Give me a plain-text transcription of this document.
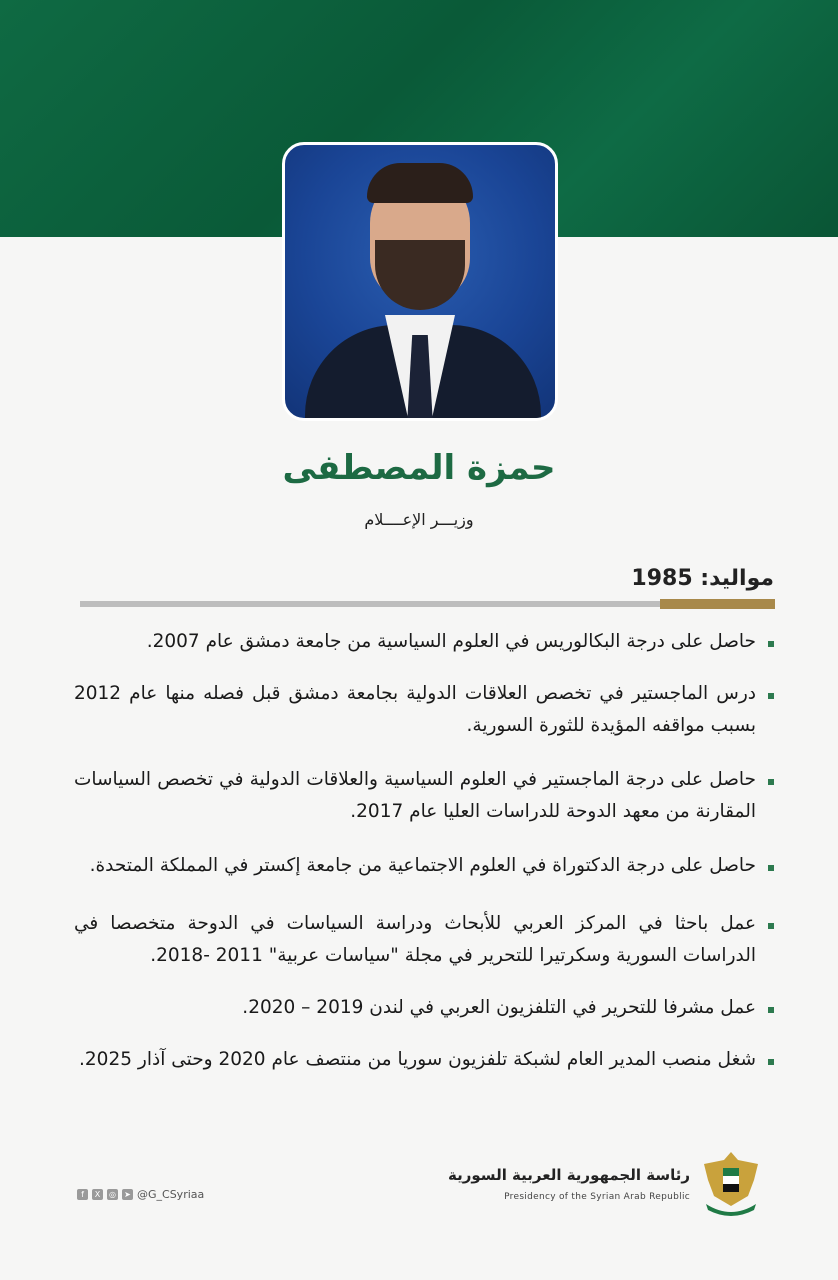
حمزة المصطفى
وزيـــر الإعــــلام
مواليد: 1985
حاصل على درجة البكالوريس في العلوم السياسية من جامعة دمشق عام 2007.
درس الماجستير في تخصص العلاقات الدولية بجامعة دمشق قبل فصله منها عام 2012 بسبب مواقفه المؤيدة للثورة السورية.
حاصل على درجة الماجستير في العلوم السياسية والعلاقات الدولية في تخصص السياسات المقارنة من معهد الدوحة للدراسات العليا عام 2017.
حاصل على درجة الدكتوراة في العلوم الاجتماعية من جامعة إكستر في المملكة المتحدة.
عمل باحثا في المركز العربي للأبحاث ودراسة السياسات في الدوحة متخصصا في الدراسات السورية وسكرتيرا للتحرير في مجلة "سياسات عربية" 2011 -2018.
عمل مشرفا للتحرير في التلفزيون العربي في لندن 2019 – 2020.
شغل منصب المدير العام لشبكة تلفزيون سوريا من منتصف عام 2020 وحتى آذار 2025.
f	X	◎ ➤ @G_CSyriaa
رئاسة الجمهورية العربية السورية
Presidency of the Syrian Arab Republic
